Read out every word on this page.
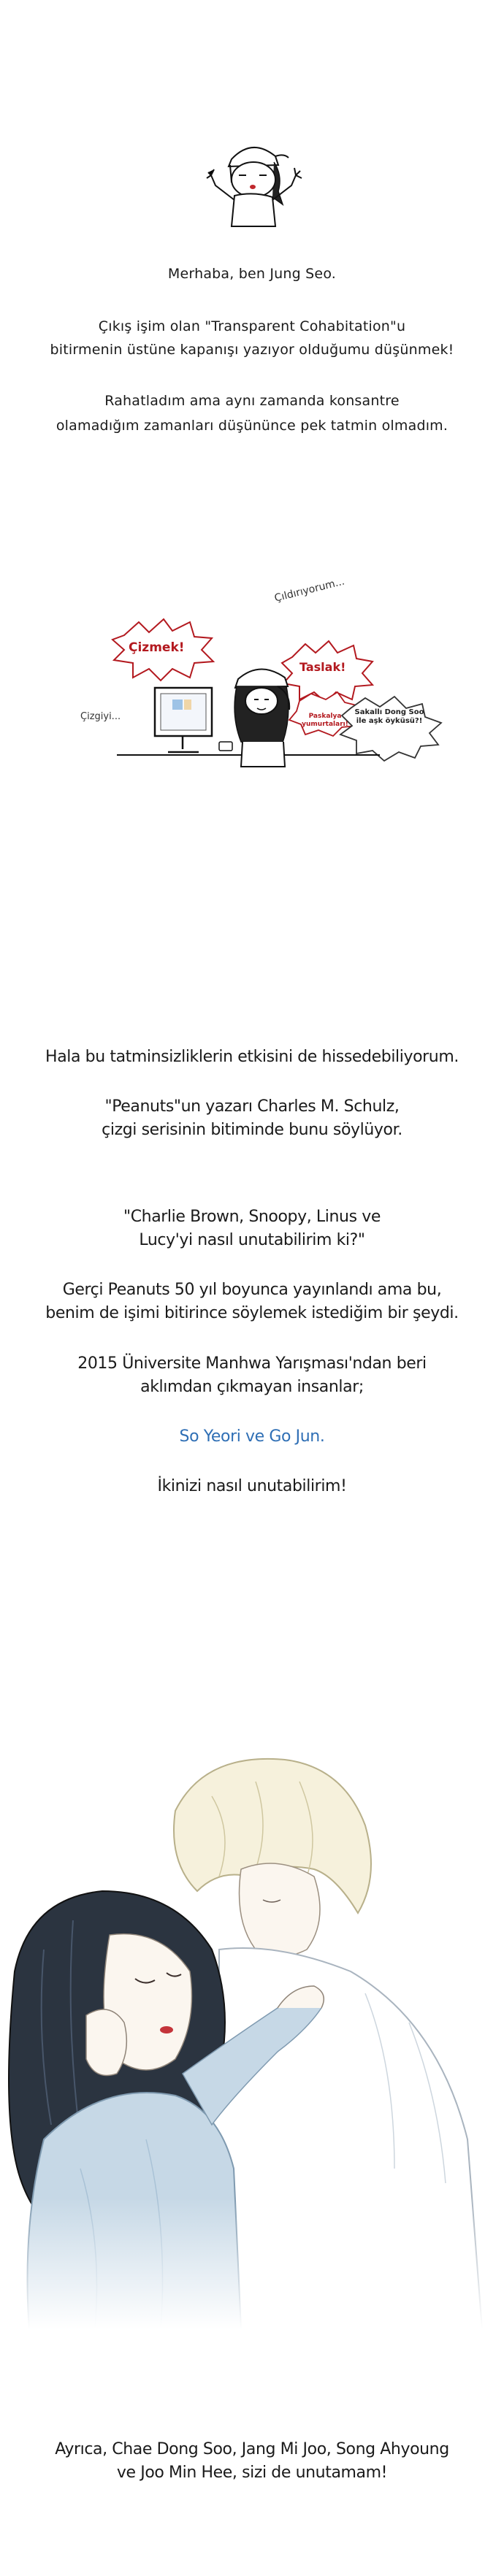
Merhaba, ben Jung Seo.
Çıkış işim olan "Transparent Cohabitation"u
bitirmenin üstüne kapanışı yazıyor olduğumu düşünmek!
Rahatladım ama aynı zamanda konsantre
olamadığım zamanları düşününce pek tatmin olmadım.
Çizmek!
Taslak!
Paskalya yumurtaları!
Sakallı Dong Soo ile aşk öyküsü?!
Çıldırıyorum...
Çizgiyi...
Hala bu tatminsizliklerin etkisini de hissedebiliyorum.
"Peanuts"un yazarı Charles M. Schulz,
çizgi serisinin bitiminde bunu söylüyor.
"Charlie Brown, Snoopy, Linus ve
Lucy'yi nasıl unutabilirim ki?"
Gerçi Peanuts 50 yıl boyunca yayınlandı ama bu,
benim de işimi bitirince söylemek istediğim bir şeydi.
2015 Üniversite Manhwa Yarışması'ndan beri
aklımdan çıkmayan insanlar;
So Yeori ve Go Jun.
İkinizi nasıl unutabilirim!
Ayrıca, Chae Dong Soo, Jang Mi Joo, Song Ahyoung
ve Joo Min Hee, sizi de unutamam!
